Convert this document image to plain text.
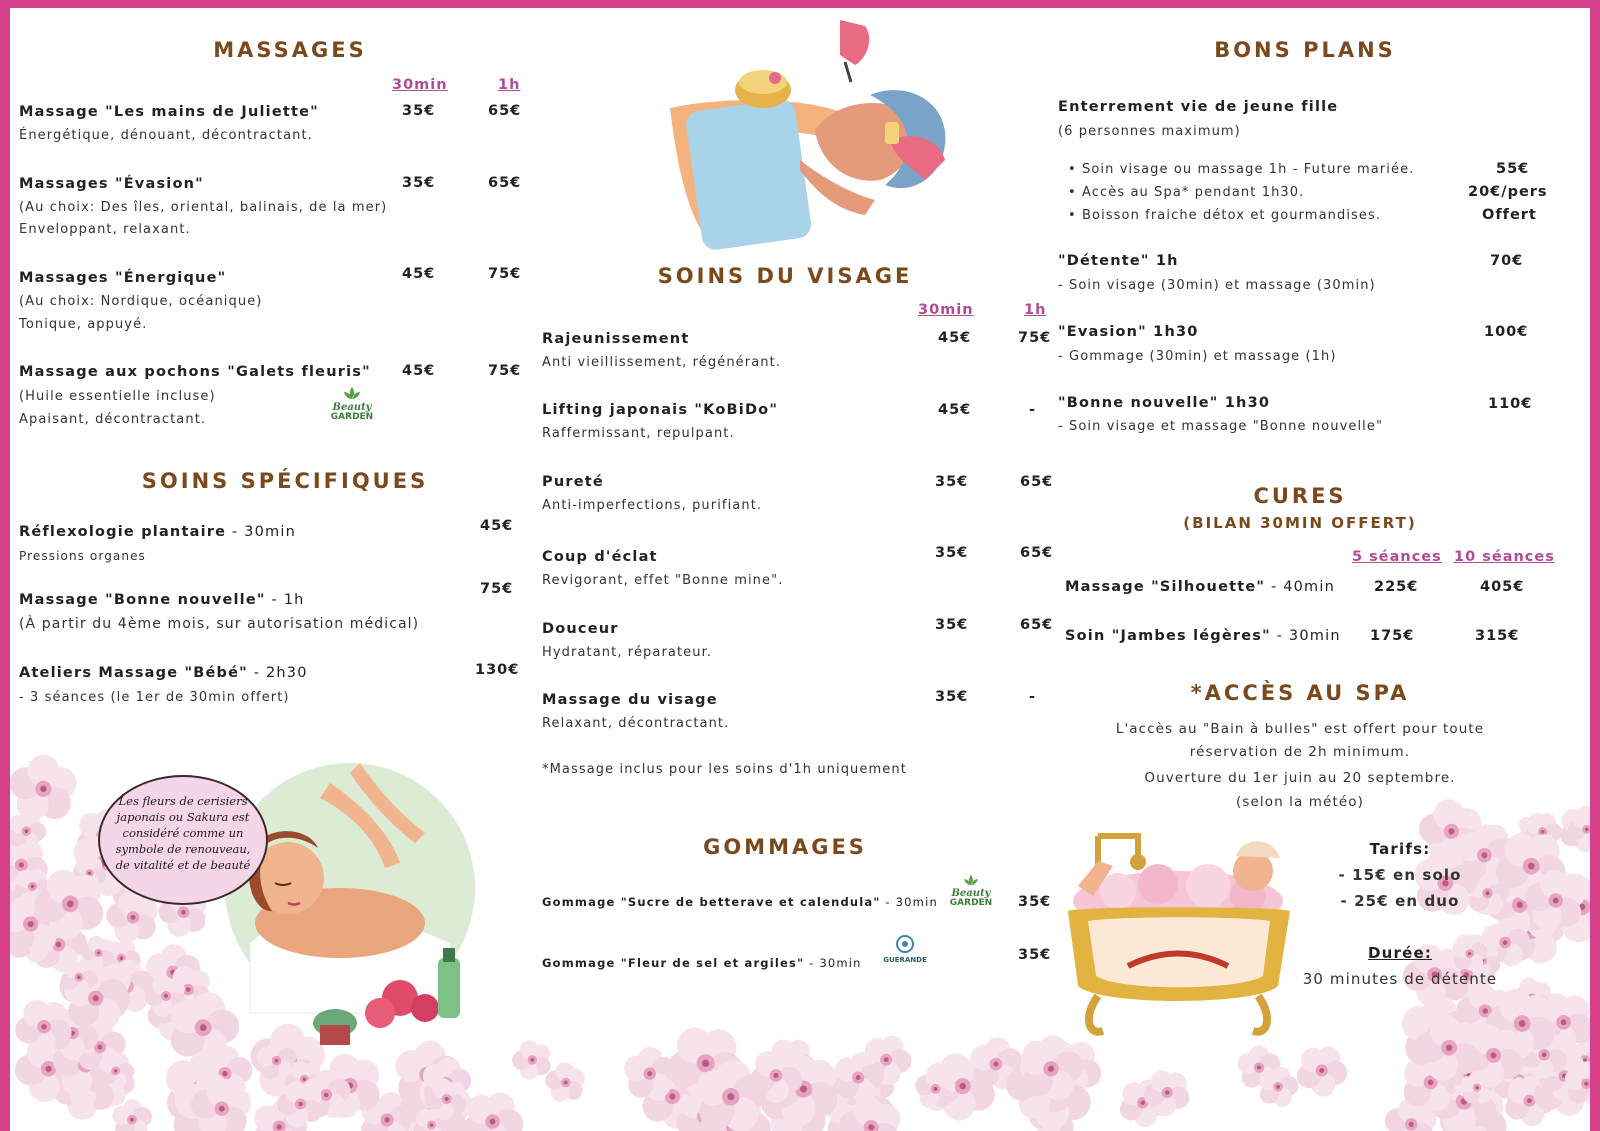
MASSAGES
30min	1h
Massage "Les mains de Juliette"
Énergétique, dénouant, décontractant.
35€	65€
Massages "Évasion"
(Au choix: Des îles, oriental, balinais, de la mer)
Enveloppant, relaxant.
35€	65€
Massages "Énergique"
(Au choix: Nordique, océanique)
Tonique, appuyé.
45€	75€
Massage aux pochons "Galets fleuris"
(Huile essentielle incluse)
Apaisant, décontractant.
45€	75€
Beauty
GARDEN
SOINS SPÉCIFIQUES
Réflexologie plantaire - 30min
Pressions organes
45€
Massage "Bonne nouvelle" - 1h
(À partir du 4ème mois, sur autorisation médical)
75€
Ateliers Massage "Bébé" - 2h30
- 3 séances (le 1er de 30min offert)
130€
Les fleurs de cerisiers japonais ou Sakura est considéré comme un symbole de renouveau, de vitalité et de beauté
SOINS DU VISAGE
30min	1h
Rajeunissement
Anti vieillissement, régénérant.
45€	75€
Lifting japonais "KoBiDo"
Raffermissant, repulpant.
45€	-
Pureté
Anti-imperfections, purifiant.
35€	65€
Coup d'éclat
Revigorant, effet "Bonne mine".
35€	65€
Douceur
Hydratant, réparateur.
35€	65€
Massage du visage
Relaxant, décontractant.
35€	-
*Massage inclus pour les soins d'1h uniquement
GOMMAGES
Gommage "Sucre de betterave et calendula" - 30min	35€
Beauty
GARDEN
Gommage "Fleur de sel et argiles" - 30min	35€
GUÉRANDE
BONS PLANS
Enterrement vie de jeune fille
(6 personnes maximum)
• Soin visage ou massage 1h - Future mariée.	55€
• Accès au Spa* pendant 1h30.	20€/pers
• Boisson fraiche détox et gourmandises.	Offert
"Détente" 1h
- Soin visage (30min) et massage (30min)
70€
"Evasion" 1h30
- Gommage (30min) et massage (1h)
100€
"Bonne nouvelle" 1h30
- Soin visage et massage "Bonne nouvelle"
110€
CURES
(BILAN 30MIN OFFERT)
5 séances 10 séances
Massage "Silhouette" - 40min	225€	405€
Soin "Jambes légères" - 30min 175€	315€
*ACCÈS AU SPA
L'accès au "Bain à bulles" est offert pour toute
réservation de 2h minimum.
Ouverture du 1er juin au 20 septembre.
(selon la météo)
Tarifs:
- 15€ en solo
- 25€ en duo
Durée:
30 minutes de détente
